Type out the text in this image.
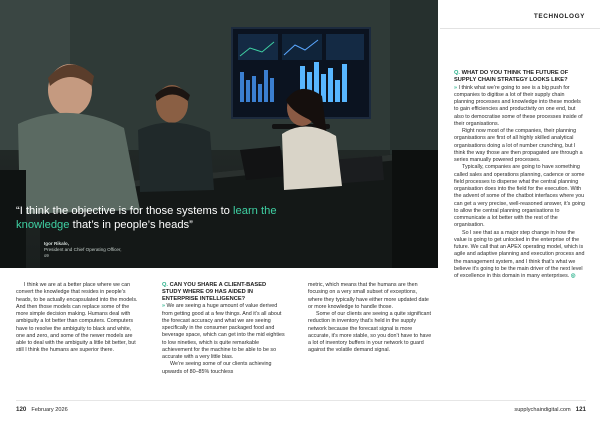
“I think the objective is for those systems to learn the knowledge that’s in people’s heads”
Igor Rikalo,
President and Chief Operating Officer,
o9
TECHNOLOGY

I think we are at a better place where we can convert the knowledge that resides in people’s heads, to be actually encapsulated into the models. And then those models can replace some of the more simple decision making. Humans deal with ambiguity a lot better than computers. Computers have to resolve the ambiguity to black and white, one and zero, and some of the newer models are able to deal with the ambiguity a little bit better, but still I think the humans are superior there.

Q. CAN YOU SHARE A CLIENT-BASED STUDY WHERE O9 HAS AIDED IN ENTERPRISE INTELLIGENCE?

» We are seeing a huge amount of value derived from getting good at a few things. And it’s all about the forecast accuracy and what we are seeing specifically in the consumer packaged food and beverage space, which can get into the mid eighties to low nineties, which is quite remarkable achievement for the machine to be able to be so accurate with a very little bias.

We’re seeing some of our clients achieving upwards of 80–85% touchless

metric, which means that the humans are then focusing on a very small subset of exceptions, where they typically have either more updated date or more knowledge to handle those.

Some of our clients are seeing a quite significant reduction in inventory that’s held in the supply network because the forecast signal is more accurate, it’s more stable, so you don’t have to have a lot of inventory buffers in your network to guard against the volatile demand signal.

Q. WHAT DO YOU THINK THE FUTURE OF SUPPLY CHAIN STRATEGY LOOKS LIKE?

» I think what we’re going to see is a big push for companies to digitise a lot of their supply chain planning processes and knowledge into these models to gain efficiencies and productivity on one end, but also to democratise some of these processes inside of their organisations.

Right now most of the companies, their planning organisations are first of all highly skilled analytical organisations doing a lot of number crunching, but I think the way those are then propagated are through a series manually powered processes.

Typically, companies are going to have something called sales and operations planning, cadence or some field processes to disperse what the central planning organisation does into the field for the execution. With the advent of some of the chatbot interfaces where you can get a very precise, well-reasoned answer, it’s going to allow the central planning organisations to communicate a lot better with the rest of the organisation.

So I see that as a major step change in how the value is going to get unlocked in the enterprise of the future. We call that an APEX operating model, which is agile and adaptive planning and execution process and the management system, and I think that’s what we believe it’s going to be the main driver of the next level of excellence in this domain in many enterprises. ◎

120 February 2026	supplychaindigital.com 121
